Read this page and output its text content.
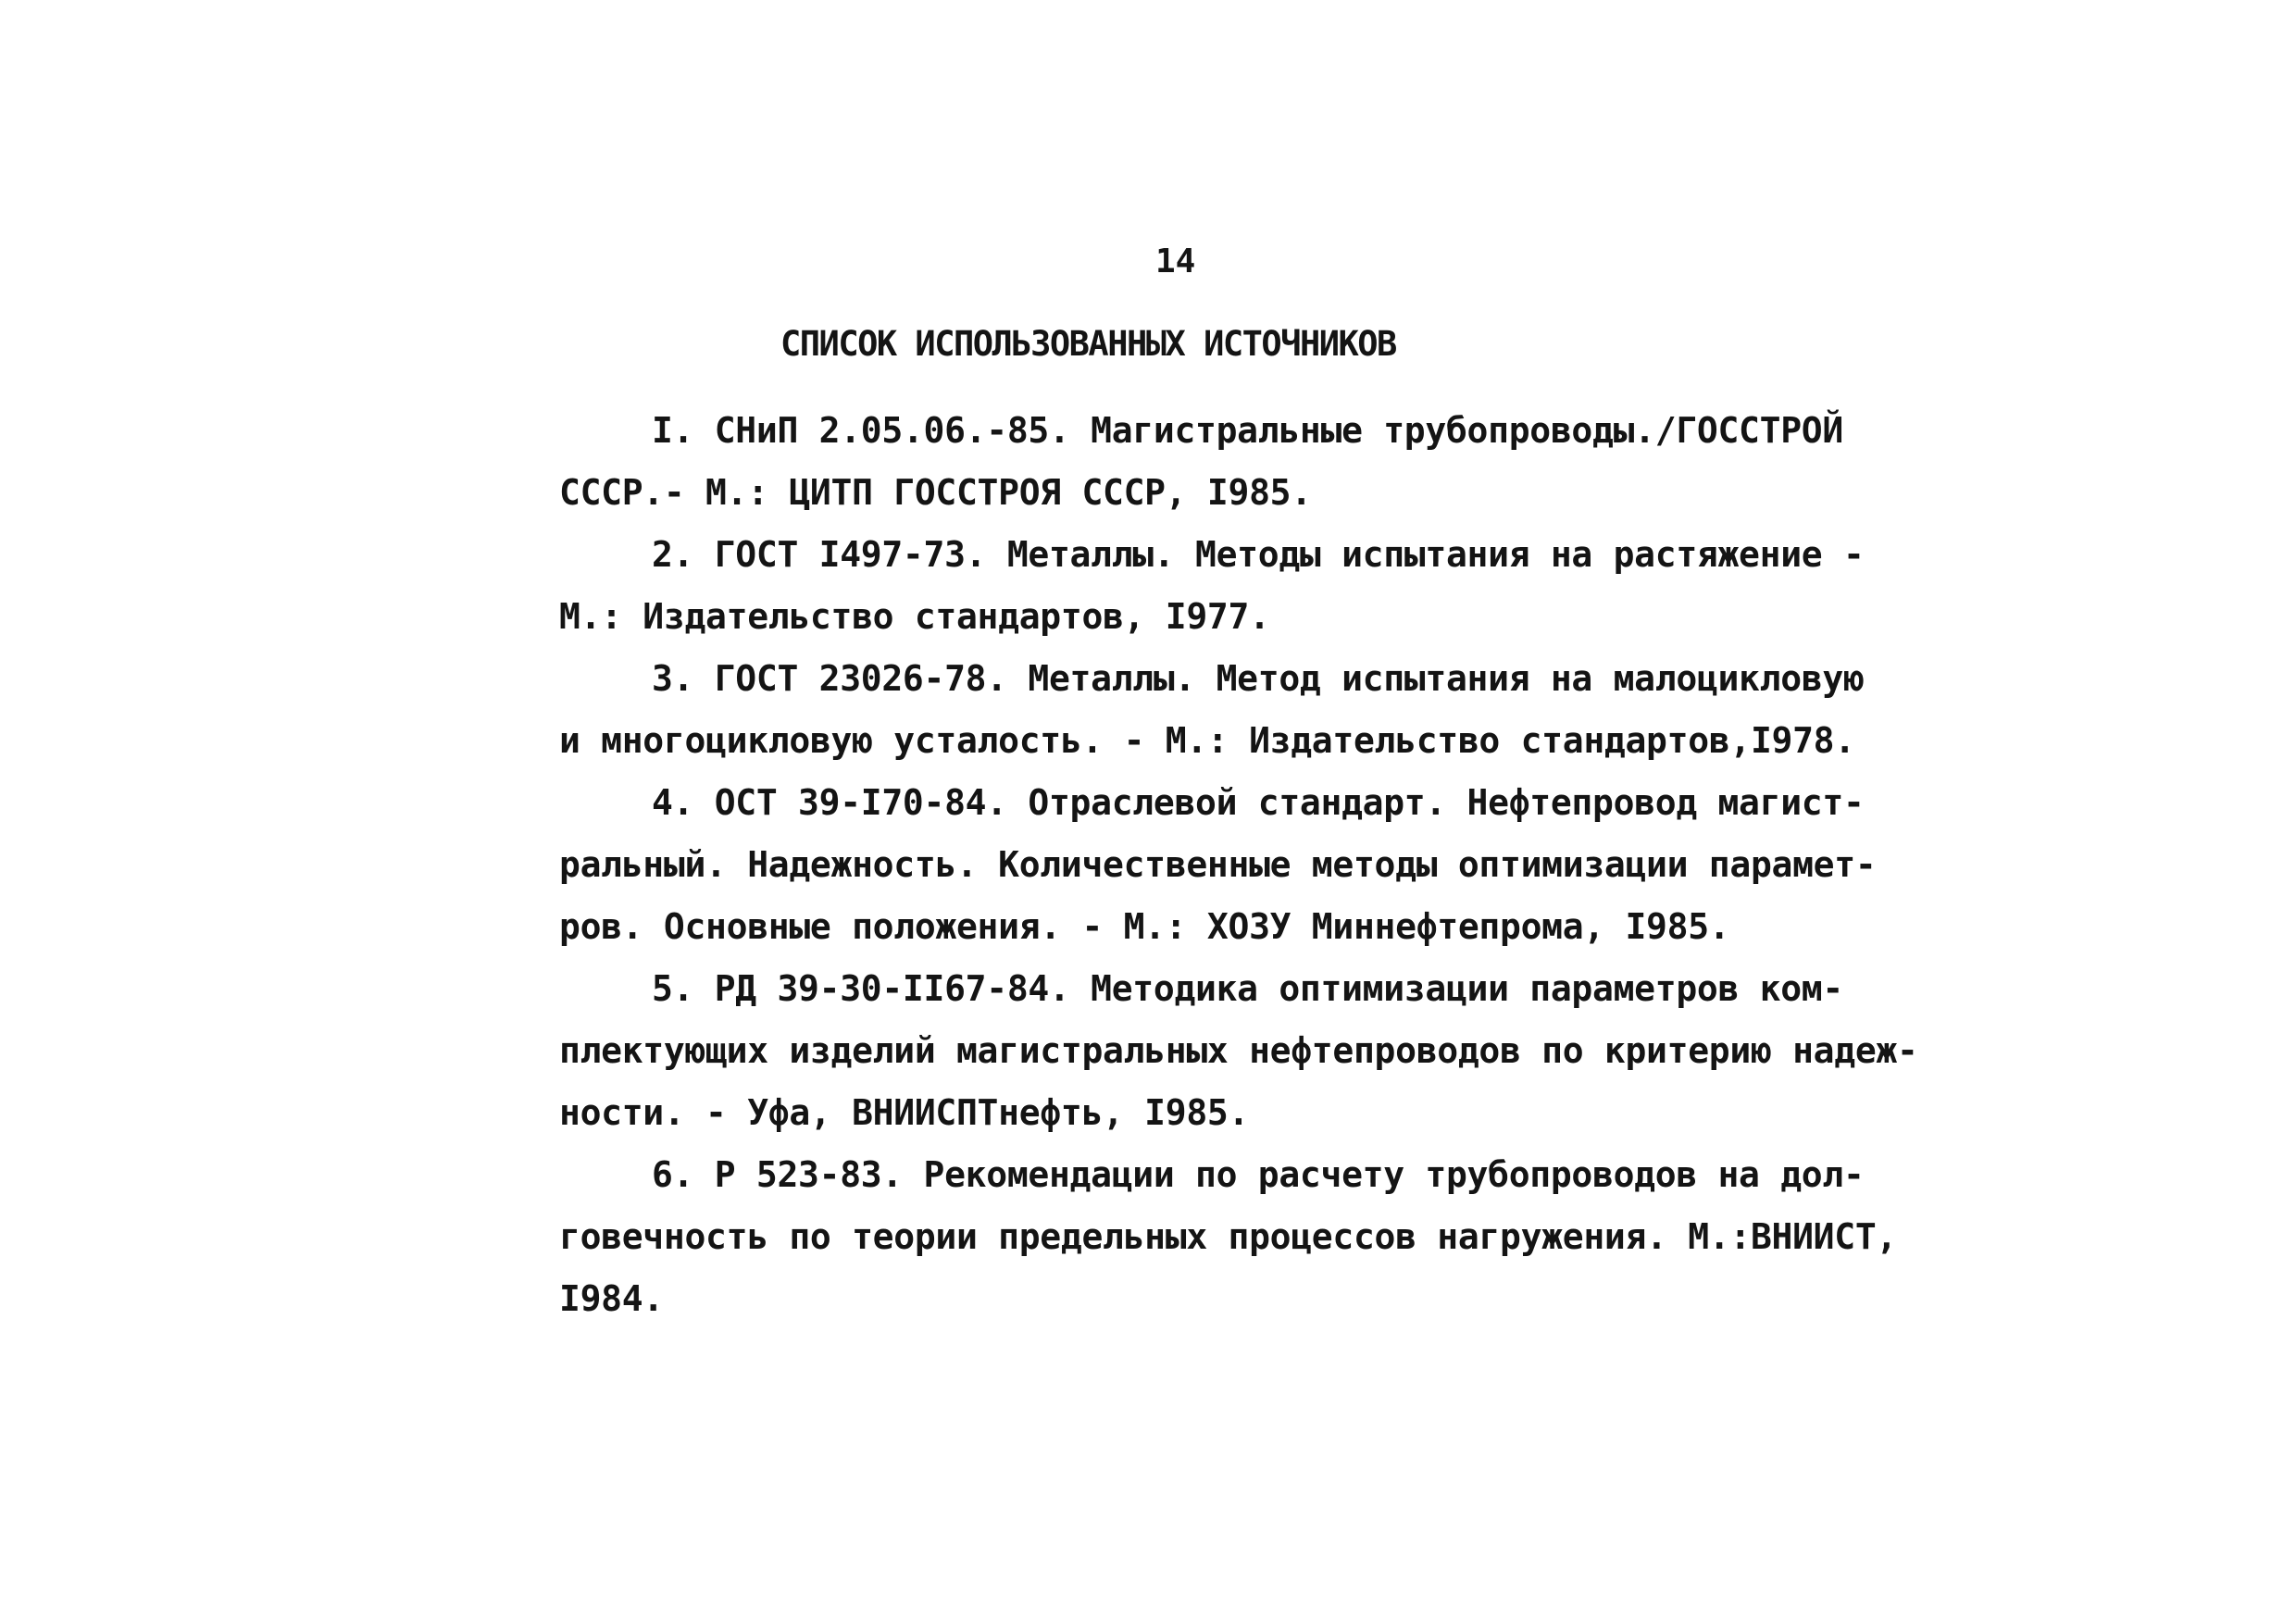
14
СПИСОК ИСПОЛЬЗОВАННЫХ ИСТОЧНИКОВ

I. СНиП 2.05.06.-85. Магистральные трубопроводы./ГОССТРОЙ
СССР.- М.: ЦИТП ГОССТРОЯ СССР, I985.

2. ГОСТ I497-73. Металлы. Методы испытания на растяжение -
М.: Издательство стандартов, I977.

3. ГОСТ 23026-78. Металлы. Метод испытания на малоцикловую
и многоцикловую усталость. - М.: Издательство стандартов,I978.

4. ОСТ 39-I70-84. Отраслевой стандарт. Нефтепровод магист-
ральный. Надежность. Количественные методы оптимизации парамет-
ров. Основные положения. - М.: ХОЗУ Миннефтепрома, I985.

5. РД 39-30-II67-84. Методика оптимизации параметров ком-
плектующих изделий магистральных нефтепроводов по критерию надеж-
ности. - Уфа, ВНИИСПТнефть, I985.

6. Р 523-83. Рекомендации по расчету трубопроводов на дол-
говечность по теории предельных процессов нагружения. М.:ВНИИСТ,
I984.
